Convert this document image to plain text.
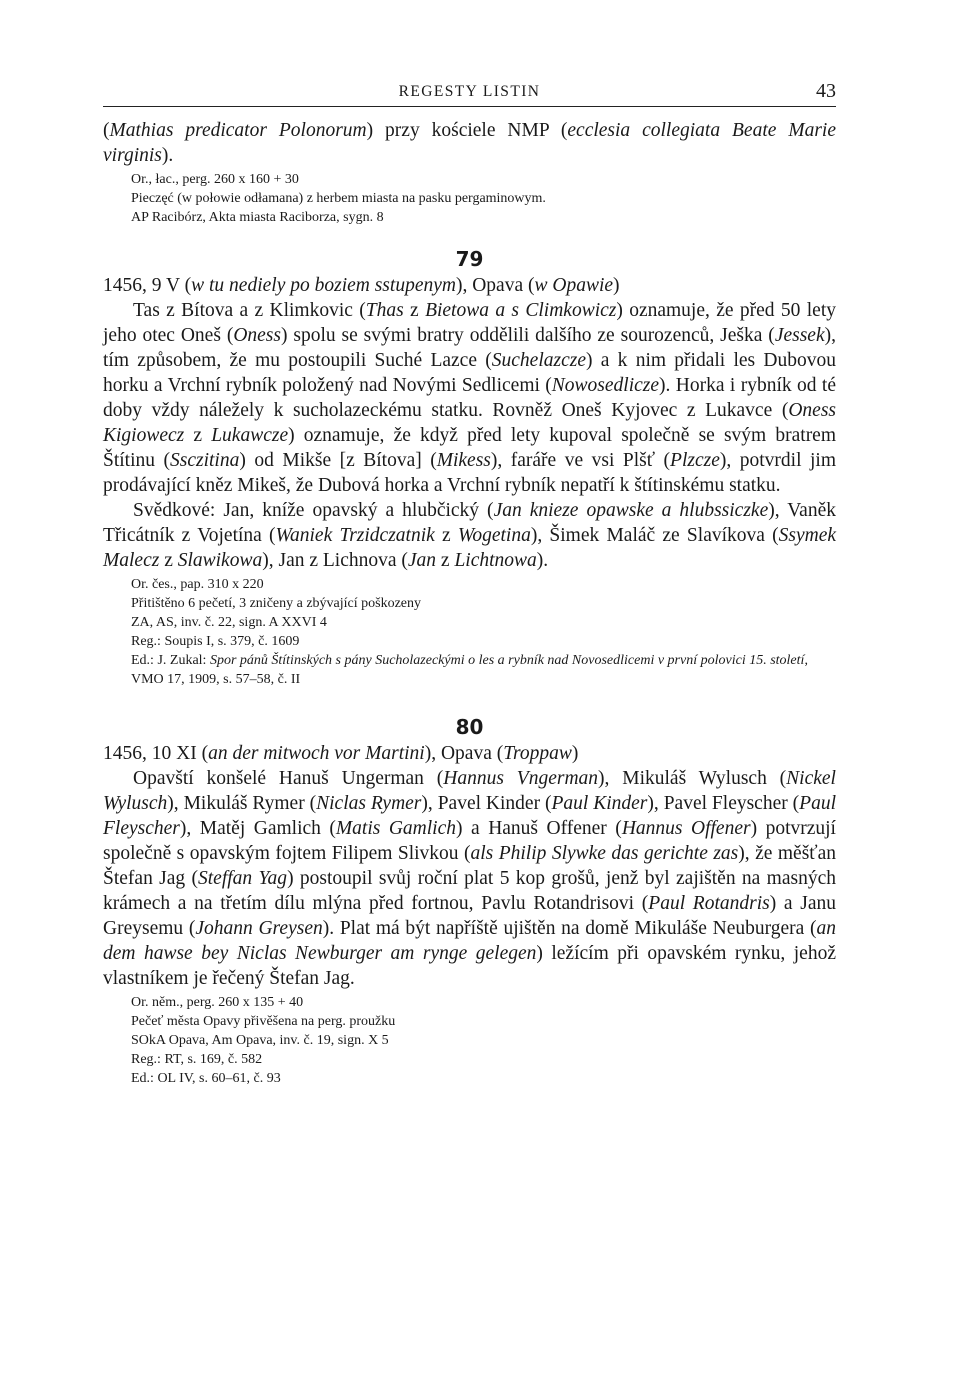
REGESTY LISTIN	43

(Mathias predicator Polonorum) przy kościele NMP (ecclesia collegiata Beate Marie virginis).

Or., łac., perg. 260 x 160 + 30

Pieczęć (w połowie odłamana) z herbem miasta na pasku pergaminowym.

AP Racibórz, Akta miasta Raciborza, sygn. 8

79

1456, 9 V (w tu nediely po boziem sstupenym), Opava (w Opawie)

Tas z Bítova a z Klimkovic (Thas z Bietowa a s Climkowicz) oznamuje, že před 50 lety jeho otec Oneš (Oness) spolu se svými bratry oddělili dalšího ze sourozenců, Ješka (Jessek), tím způsobem, že mu postoupili Suché Lazce (Suchelazcze) a k nim přidali les Dubovou horku a Vrchní rybník položený nad Novými Sedlicemi (Nowosedlicze). Horka i rybník od té doby vždy náležely k sucholazeckému statku. Rovněž Oneš Kyjovec z Lukavce (Oness Kigiowecz z Lukawcze) oznamuje, že když před lety kupoval společně se svým bratrem Štítinu (Ssczitina) od Mikše [z Bítova] (Mikess), faráře ve vsi Plšť (Plzcze), potvrdil jim prodávající kněz Mikeš, že Dubová horka a Vrchní rybník nepatří k štítinskému statku.

Svědkové: Jan, kníže opavský a hlubčický (Jan knieze opawske a hlubssiczke), Vaněk Třicátník z Vojetína (Waniek Trzidczatnik z Wogetina), Šimek Maláč ze Slavíkova (Ssymek Malecz z Slawikowa), Jan z Lichnova (Jan z Lichtnowa).

Or. čes., pap. 310 x 220

Přitištěno 6 pečetí, 3 zničeny a zbývající poškozeny

ZA, AS, inv. č. 22, sign. A XXVI 4

Reg.: Soupis I, s. 379, č. 1609

Ed.: J. Zukal: Spor pánů Štítinských s pány Sucholazeckými o les a rybník nad Novosedlicemi v první polovici 15. století, VMO 17, 1909, s. 57–58, č. II

80

1456, 10 XI (an der mitwoch vor Martini), Opava (Troppaw)

Opavští konšelé Hanuš Ungerman (Hannus Vngerman), Mikuláš Wylusch (Nickel Wylusch), Mikuláš Rymer (Niclas Rymer), Pavel Kinder (Paul Kinder), Pavel Fleyscher (Paul Fleyscher), Matěj Gamlich (Matis Gamlich) a Hanuš Offener (Hannus Offener) potvrzují společně s opavským fojtem Filipem Slivkou (als Philip Slywke das gerichte zas), že měšťan Štefan Jag (Steffan Yag) postoupil svůj roční plat 5 kop grošů, jenž byl zajištěn na masných krámech a na třetím dílu mlýna před fortnou, Pavlu Rotandrisovi (Paul Rotandris) a Janu Greysemu (Johann Greysen). Plat má být napříště ujištěn na domě Mikuláše Neuburgera (an dem hawse bey Niclas Newburger am rynge gelegen) ležícím při opavském rynku, jehož vlastníkem je řečený Štefan Jag.

Or. něm., perg. 260 x 135 + 40

Pečeť města Opavy přivěšena na perg. proužku

SOkA Opava, Am Opava, inv. č. 19, sign. X 5

Reg.: RT, s. 169, č. 582

Ed.: OL IV, s. 60–61, č. 93
